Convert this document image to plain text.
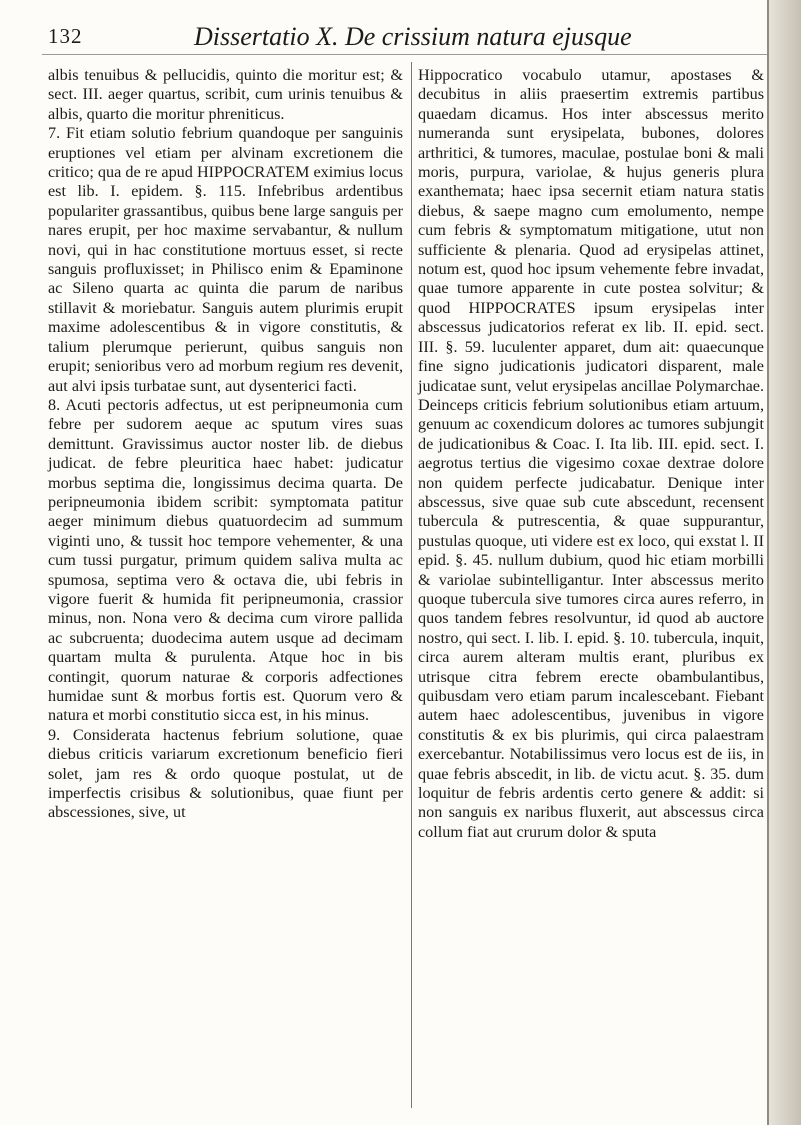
132	Dissertatio X. De crissium natura ejusque

albis tenuibus & pellucidis, quinto die moritur est; & sect. III. aeger quartus, scribit, cum urinis tenuibus & albis, quarto die moritur phreniticus.

7. Fit etiam solutio febrium quandoque per sanguinis eruptiones vel etiam per alvinam excretionem die critico; qua de re apud HIPPOCRATEM eximius locus est lib. I. epidem. §. 115. Infebribus ardentibus populariter grassantibus, quibus bene large sanguis per nares erupit, per hoc maxime servabantur, & nullum novi, qui in hac constitutione mortuus esset, si recte sanguis profluxisset; in Philisco enim & Epaminone ac Sileno quarta ac quinta die parum de naribus stillavit & moriebatur. Sanguis autem plurimis erupit maxime adolescentibus & in vigore constitutis, & talium plerumque perierunt, quibus sanguis non erupit; senioribus vero ad morbum regium res devenit, aut alvi ipsis turbatae sunt, aut dysenterici facti.

8. Acuti pectoris adfectus, ut est peripneumonia cum febre per sudorem aeque ac sputum vires suas demittunt. Gravissimus auctor noster lib. de diebus judicat. de febre pleuritica haec habet: judicatur morbus septima die, longissimus decima quarta. De peripneumonia ibidem scribit: symptomata patitur aeger minimum diebus quatuordecim ad summum viginti uno, & tussit hoc tempore vehementer, & una cum tussi purgatur, primum quidem saliva multa ac spumosa, septima vero & octava die, ubi febris in vigore fuerit & humida fit peripneumonia, crassior minus, non. Nona vero & decima cum virore pallida ac subcruenta; duodecima autem usque ad decimam quartam multa & purulenta. Atque hoc in bis contingit, quorum naturae & corporis adfectiones humidae sunt & morbus fortis est. Quorum vero & natura et morbi constitutio sicca est, in his minus.

9. Considerata hactenus febrium solutione, quae diebus criticis variarum excretionum beneficio fieri solet, jam res & ordo quoque postulat, ut de imperfectis crisibus & solutionibus, quae fiunt per abscessiones, sive, ut

Hippocratico vocabulo utamur, apostases & decubitus in aliis praesertim extremis partibus quaedam dicamus. Hos inter abscessus merito numeranda sunt erysipelata, bubones, dolores arthritici, & tumores, maculae, postulae boni & mali moris, purpura, variolae, & hujus generis plura exanthemata; haec ipsa secernit etiam natura statis diebus, & saepe magno cum emolumento, nempe cum febris & symptomatum mitigatione, utut non sufficiente & plenaria. Quod ad erysipelas attinet, notum est, quod hoc ipsum vehemente febre invadat, quae tumore apparente in cute postea solvitur; & quod HIPPOCRATES ipsum erysipelas inter abscessus judicatorios referat ex lib. II. epid. sect. III. §. 59. luculenter apparet, dum ait: quaecunque fine signo judicationis judicatori disparent, male judicatae sunt, velut erysipelas ancillae Polymarchae. Deinceps criticis febrium solutionibus etiam artuum, genuum ac coxendicum dolores ac tumores subjungit de judicationibus & Coac. I. Ita lib. III. epid. sect. I. aegrotus tertius die vigesimo coxae dextrae dolore non quidem perfecte judicabatur. Denique inter abscessus, sive quae sub cute abscedunt, recensent tubercula & putrescentia, & quae suppurantur, pustulas quoque, uti videre est ex loco, qui exstat l. II epid. §. 45. nullum dubium, quod hic etiam morbilli & variolae subintelligantur. Inter abscessus merito quoque tubercula sive tumores circa aures referro, in quos tandem febres resolvuntur, id quod ab auctore nostro, qui sect. I. lib. I. epid. §. 10. tubercula, inquit, circa aurem alteram multis erant, pluribus ex utrisque citra febrem erecte obambulantibus, quibusdam vero etiam parum incalescebant. Fiebant autem haec adolescentibus, juvenibus in vigore constitutis & ex bis plurimis, qui circa palaestram exercebantur. Notabilissimus vero locus est de iis, in quae febris abscedit, in lib. de victu acut. §. 35. dum loquitur de febris ardentis certo genere & addit: si non sanguis ex naribus fluxerit, aut abscessus circa collum fiat aut crurum dolor & sputa
